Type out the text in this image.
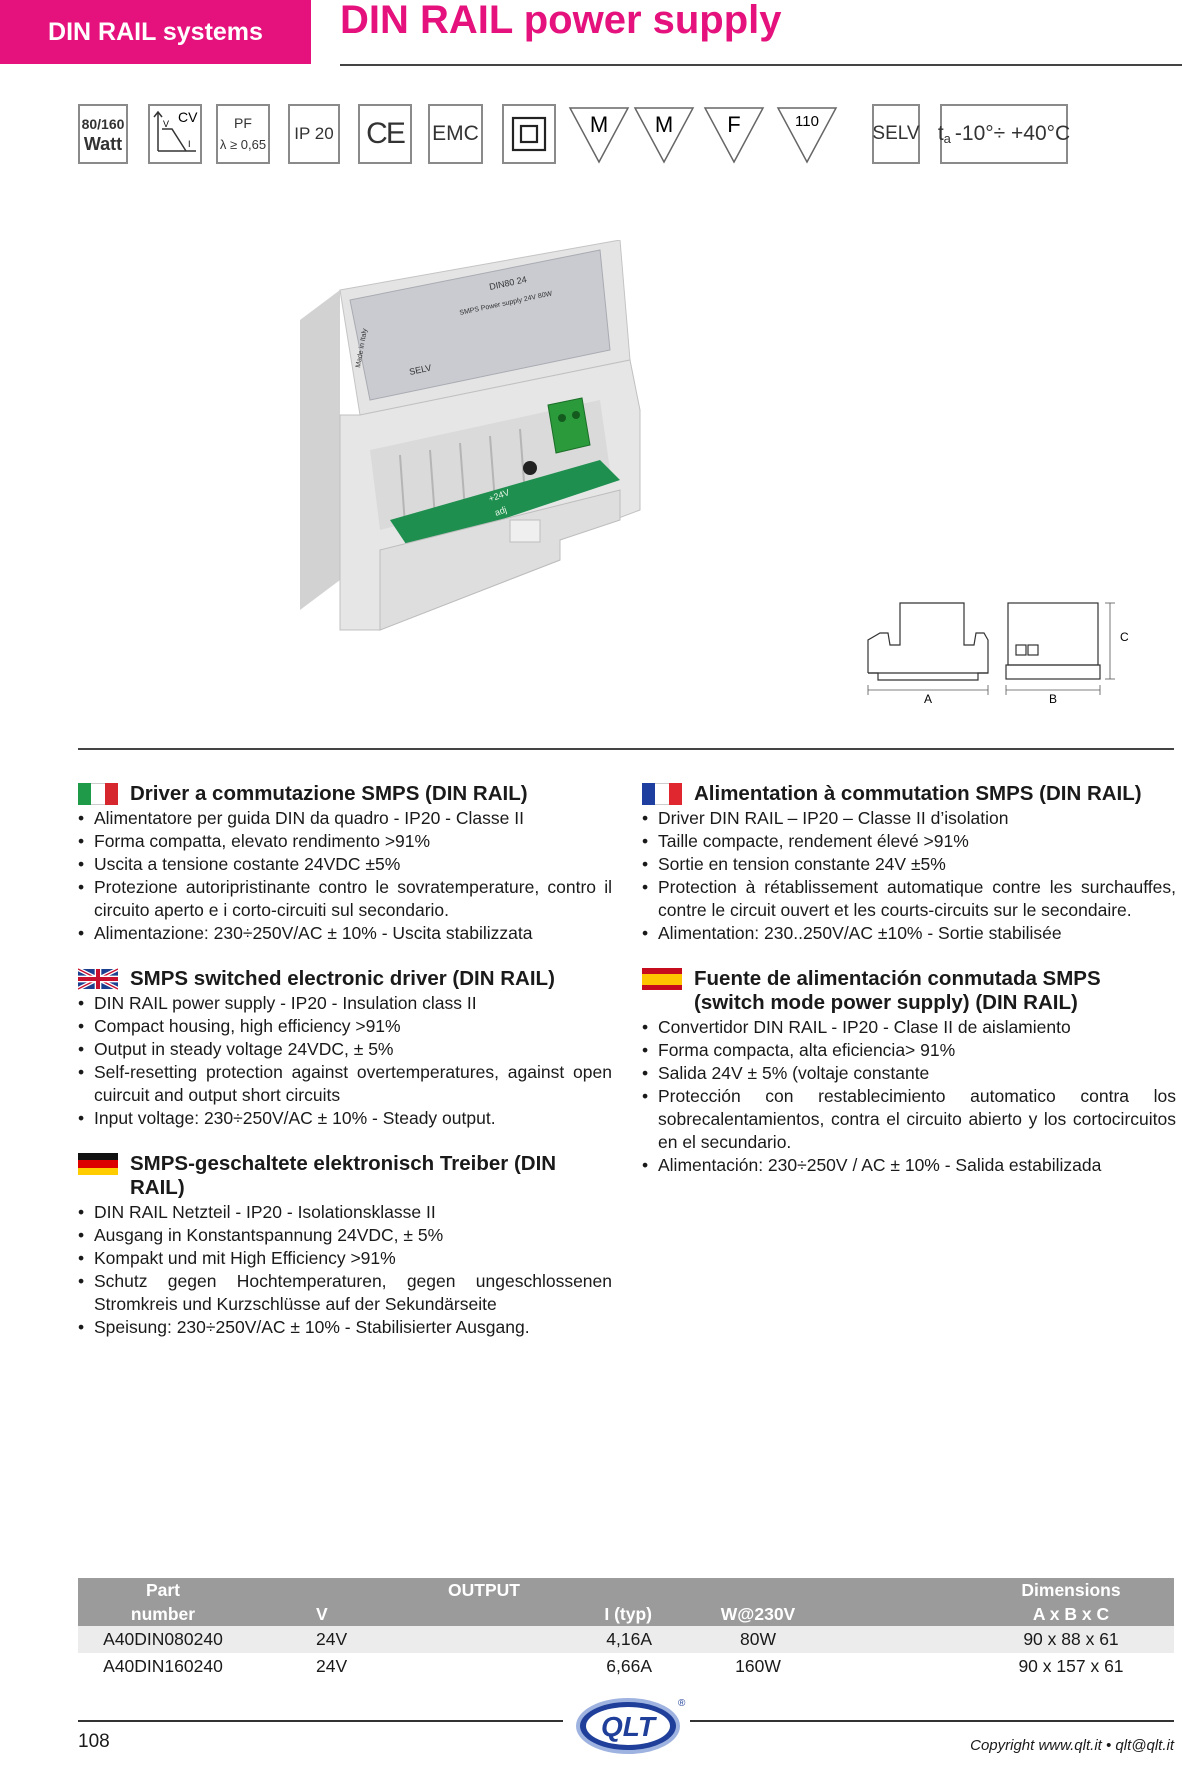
DIN RAIL systems	DIN RAIL power supply
80/160
Watt
CV
V
I
PF
λ ≥ 0,65
IP 20 CE EMC	M M F	110
SELV t a -10°÷ +40°C
DIN80 24
SMPS Power supply 24V 80W
SELV
Made in Italy
+24V
adj
A	B
C
Driver a commutazione SMPS (DIN RAIL)
• Alimentatore per guida DIN da quadro - IP20 - Classe II
• Forma compatta, elevato rendimento >91%
• Uscita a tensione costante 24VDC ±5%
• Protezione autoripristinante contro le sovratemperature, contro il circuito aperto e i corto-circuiti sul secondario.
• Alimentazione: 230÷250V/AC ± 10% - Uscita stabilizzata
SMPS switched electronic driver (DIN RAIL)
• DIN RAIL power supply - IP20 - Insulation class II
• Compact housing, high efficiency >91%
• Output in steady voltage 24VDC, ± 5%
• Self-resetting protection against overtemperatures, against open cuircuit and output short circuits
• Input voltage: 230÷250V/AC ± 10% - Steady output.
SMPS-geschaltete elektronisch Treiber (DIN RAIL)
• DIN RAIL Netzteil - IP20 - Isolationsklasse II
• Ausgang in Konstantspannung 24VDC, ± 5%
• Kompakt und mit High Efficiency >91%
• Schutz gegen Hochtemperaturen, gegen ungeschlossenen Stromkreis und Kurzschlüsse auf der Sekundärseite
• Speisung: 230÷250V/AC ± 10% - Stabilisierter Ausgang.
Alimentation à commutation SMPS (DIN RAIL)
• Driver DIN RAIL – IP20 – Classe II d’isolation
• Taille compacte, rendement élevé >91%
• Sortie en tension constante 24V ±5%
• Protection à rétablissement automatique contre les surchauffes, contre le circuit ouvert et les courts-circuits sur le secondaire.
• Alimentation: 230..250V/AC ±10% - Sortie stabilisée
Fuente de alimentación conmutada SMPS (switch mode power supply) (DIN RAIL)
• Convertidor DIN RAIL - IP20 - Clase II de aislamiento
• Forma compacta, alta eficiencia> 91%
• Salida 24V ± 5% (voltaje constante
• Protección con restablecimiento automatico contra los sobrecalentamientos, contra el circuito abierto y los cortocircuitos en el secundario.
• Alimentación: 230÷250V / AC ± 10% - Salida estabilizada
Part		OUTPUT			Dimensions
number	V	I (typ)	W@230V		A x B x C
A40DIN080240	24V	4,16A	80W		90 x 88 x 61
A40DIN160240	24V	6,66A	160W		90 x 157 x 61
108	QLT
®
Copyright www.qlt.it • qlt@qlt.it
